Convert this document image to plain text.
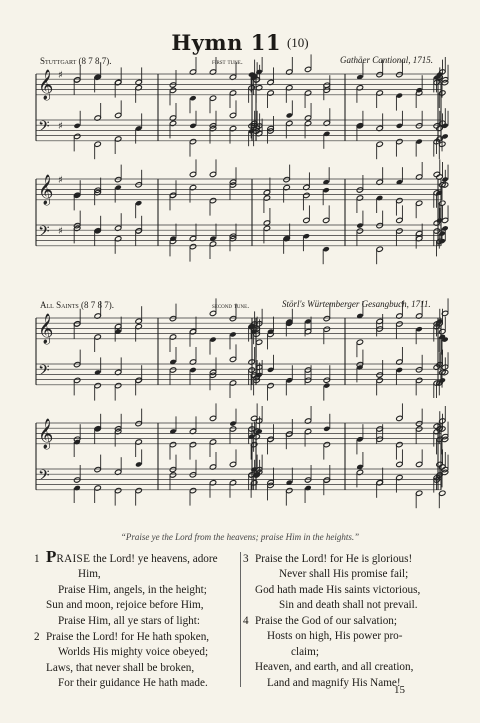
Hymn 11 (10)
Stuttgart (8 7 8 7).	first tune.	Gathäer Cantional, 1715.
All Saints (8 7 8 7).	second tune.	Störl's Würtemberger Gesangbuch, 1711.
𝄞 ♯
𝄢 ♯
𝄞 ♯
𝄢 ♯
𝄞
𝄢
𝄞
𝄢
“Praise ye the Lord from the heavens; praise Him in the heights.”
1 PRAISE the Lord! ye heavens, adore
Him,
Praise Him, angels, in the height;
Sun and moon, rejoice before Him,
Praise Him, all ye stars of light:
2 Praise the Lord! for He hath spoken,
Worlds His mighty voice obeyed;
Laws, that never shall be broken,
For their guidance He hath made.
3 Praise the Lord! for He is glorious!
Never shall His promise fail;
God hath made His saints victorious,
Sin and death shall not prevail.
4 Praise the God of our salvation;
Hosts on high, His power pro-
claim;
Heaven, and earth, and all creation,
Land and magnify His Name!
15
